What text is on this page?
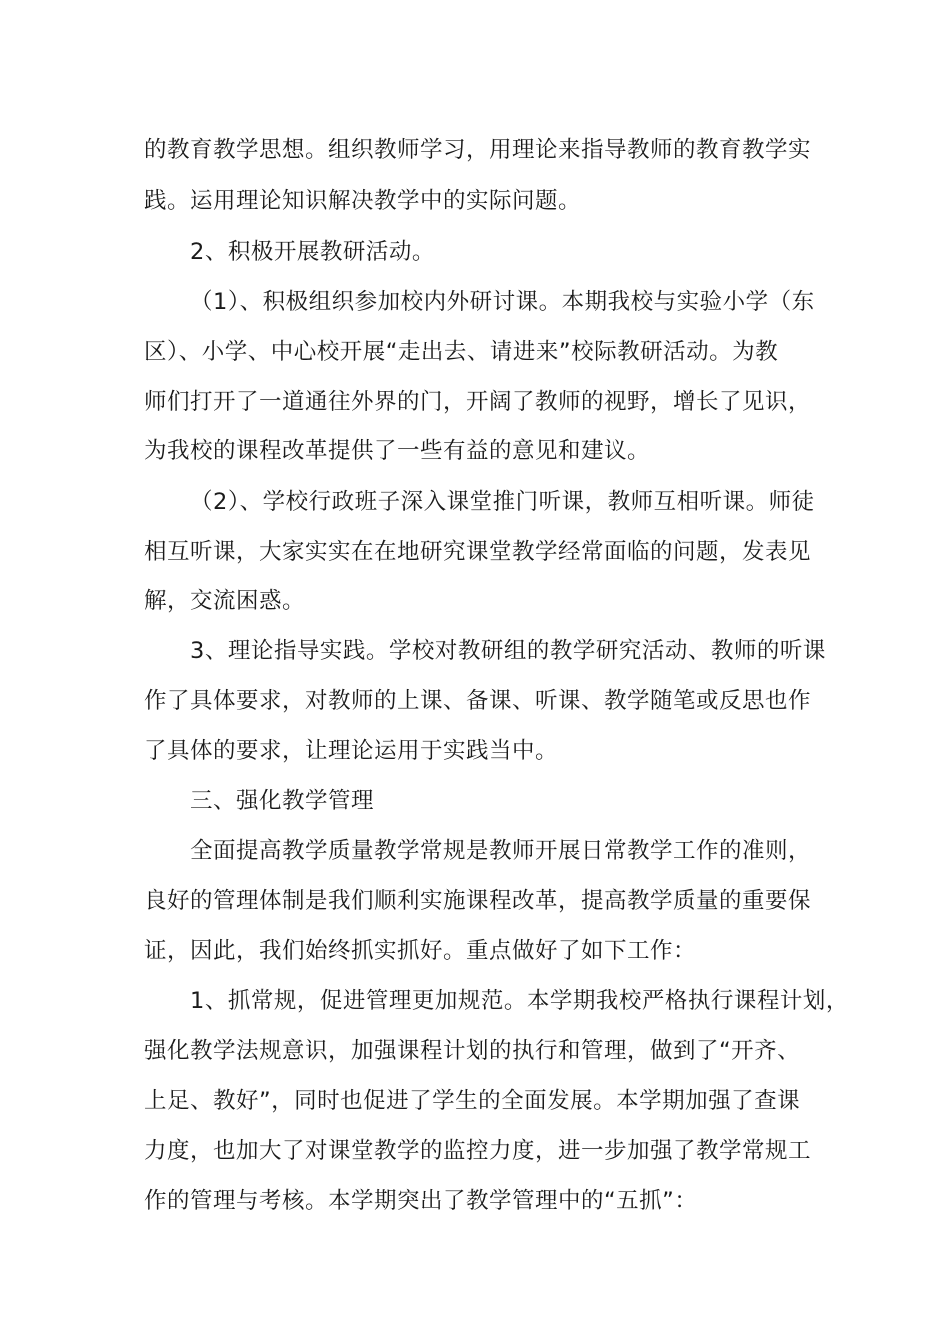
的教育教学思想。组织教师学习，用理论来指导教师的教育教学实
践。运用理论知识解决教学中的实际问题。
2、积极开展教研活动。
（1）、积极组织参加校内外研讨课。本期我校与实验小学（东
区）、小学、中心校开展“走出去、请进来”校际教研活动。为教
师们打开了一道通往外界的门，开阔了教师的视野，增长了见识，
为我校的课程改革提供了一些有益的意见和建议。
（2）、学校行政班子深入课堂推门听课，教师互相听课。师徒
相互听课，大家实实在在地研究课堂教学经常面临的问题，发表见
解，交流困惑。
3、理论指导实践。学校对教研组的教学研究活动、教师的听课
作了具体要求，对教师的上课、备课、听课、教学随笔或反思也作
了具体的要求，让理论运用于实践当中。
三、强化教学管理
全面提高教学质量教学常规是教师开展日常教学工作的准则，
良好的管理体制是我们顺利实施课程改革，提高教学质量的重要保
证，因此，我们始终抓实抓好。重点做好了如下工作：
1、抓常规，促进管理更加规范。本学期我校严格执行课程计划，
强化教学法规意识，加强课程计划的执行和管理，做到了“开齐、
上足、教好”，同时也促进了学生的全面发展。本学期加强了查课
力度，也加大了对课堂教学的监控力度，进一步加强了教学常规工
作的管理与考核。本学期突出了教学管理中的“五抓”：
